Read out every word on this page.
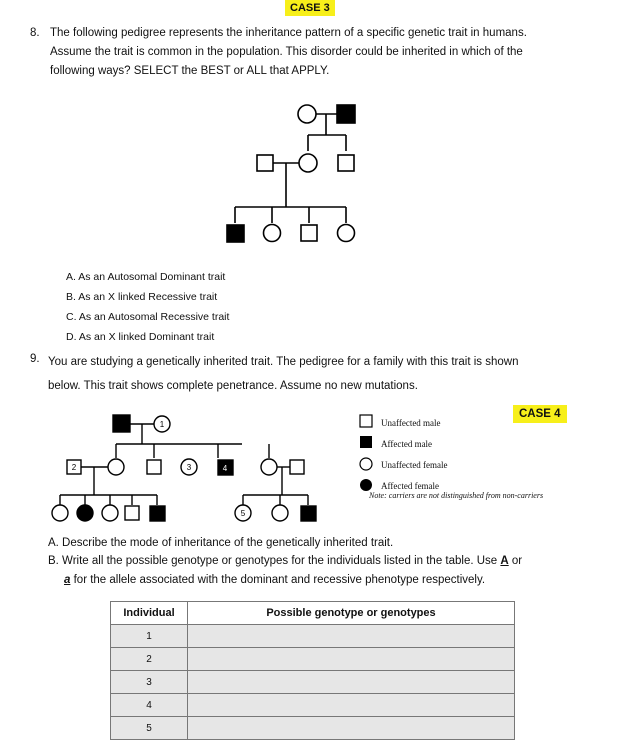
CASE 3
8. The following pedigree represents the inheritance pattern of a specific genetic trait in humans.
Assume the trait is common in the population. This disorder could be inherited in which of the
following ways? SELECT the BEST or ALL that APPLY.
A. As an Autosomal Dominant trait
B. As an X linked Recessive trait
C. As an Autosomal Recessive trait
D. As an X linked Dominant trait
9. You are studying a genetically inherited trait. The pedigree for a family with this trait is shown
below. This trait shows complete penetrance. Assume no new mutations.
CASE 4
1
2	3	4
5
Unaffected male
Affected male
Unaffected female
Affected female
Note: carriers are not distinguished from non-carriers
A. Describe the mode of inheritance of the genetically inherited trait.
B. Write all the possible genotype or genotypes for the individuals listed in the table. Use A or
a for the allele associated with the dominant and recessive phenotype respectively.
Individual	Possible genotype or genotypes
1	
2	
3	
4	
5	
